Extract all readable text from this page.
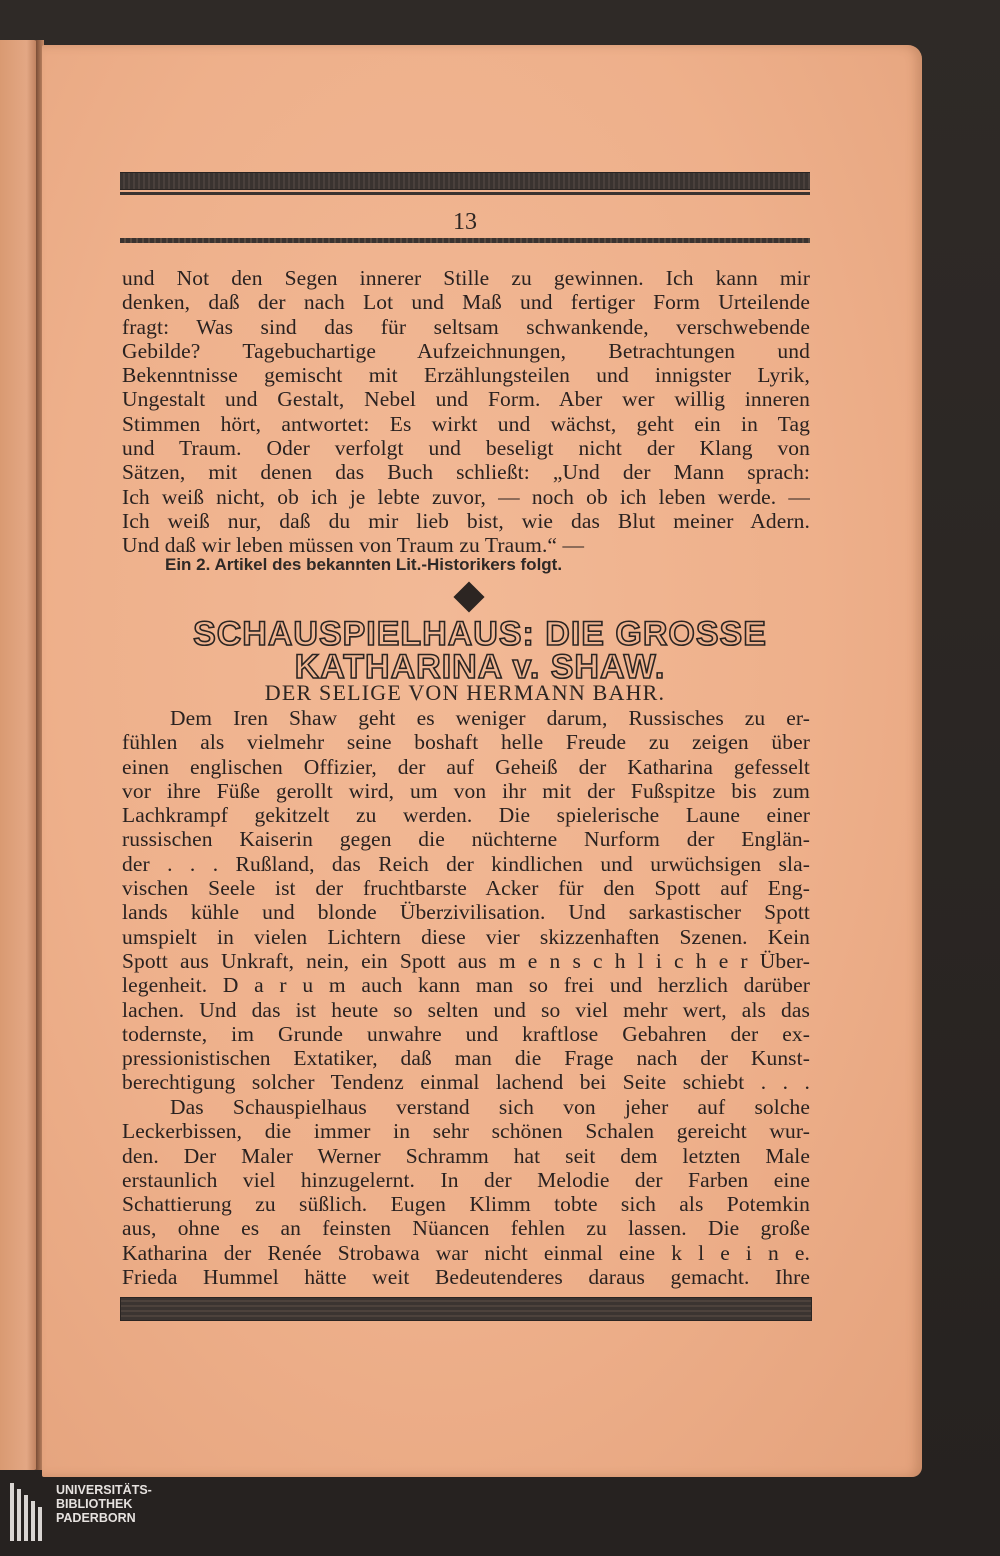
13
und Not den Segen innerer Stille zu gewinnen. Ich kann mir
denken, daß der nach Lot und Maß und fertiger Form Urteilende
fragt: Was sind das für seltsam schwankende, verschwebende
Gebilde? Tagebuchartige Aufzeichnungen, Betrachtungen und
Bekenntnisse gemischt mit Erzählungsteilen und innigster Lyrik,
Ungestalt und Gestalt, Nebel und Form. Aber wer willig inneren
Stimmen hört, antwortet: Es wirkt und wächst, geht ein in Tag
und Traum. Oder verfolgt und beseligt nicht der Klang von
Sätzen, mit denen das Buch schließt: „Und der Mann sprach:
Ich weiß nicht, ob ich je lebte zuvor, — noch ob ich leben werde. —
Ich weiß nur, daß du mir lieb bist, wie das Blut meiner Adern.
Und daß wir leben müssen von Traum zu Traum.“ —
Ein 2. Artikel des bekannten Lit.-Historikers folgt.
SCHAUSPIELHAUS: DIE GROSSE
KATHARINA v. SHAW.
DER SELIGE VON HERMANN BAHR.
Dem Iren Shaw geht es weniger darum, Russisches zu er-
fühlen als vielmehr seine boshaft helle Freude zu zeigen über
einen englischen Offizier, der auf Geheiß der Katharina gefesselt
vor ihre Füße gerollt wird, um von ihr mit der Fußspitze bis zum
Lachkrampf gekitzelt zu werden. Die spielerische Laune einer
russischen Kaiserin gegen die nüchterne Nurform der Englän-
der . . . Rußland, das Reich der kindlichen und urwüchsigen sla-
vischen Seele ist der fruchtbarste Acker für den Spott auf Eng-
lands kühle und blonde Überzivilisation. Und sarkastischer Spott
umspielt in vielen Lichtern diese vier skizzenhaften Szenen. Kein
Spott aus Unkraft, nein, ein Spott aus m e n s c h l i c h e r Über-
legenheit. D a r u m auch kann man so frei und herzlich darüber
lachen. Und das ist heute so selten und so viel mehr wert, als das
todernste, im Grunde unwahre und kraftlose Gebahren der ex-
pressionistischen Extatiker, daß man die Frage nach der Kunst-
berechtigung solcher Tendenz einmal lachend bei Seite schiebt . . .
Das Schauspielhaus verstand sich von jeher auf solche
Leckerbissen, die immer in sehr schönen Schalen gereicht wur-
den. Der Maler Werner Schramm hat seit dem letzten Male
erstaunlich viel hinzugelernt. In der Melodie der Farben eine
Schattierung zu süßlich. Eugen Klimm tobte sich als Potemkin
aus, ohne es an feinsten Nüancen fehlen zu lassen. Die große
Katharina der Renée Strobawa war nicht einmal eine k l e i n e.
Frieda Hummel hätte weit Bedeutenderes daraus gemacht. Ihre
UNIVERSITÄTS-
BIBLIOTHEK
PADERBORN
